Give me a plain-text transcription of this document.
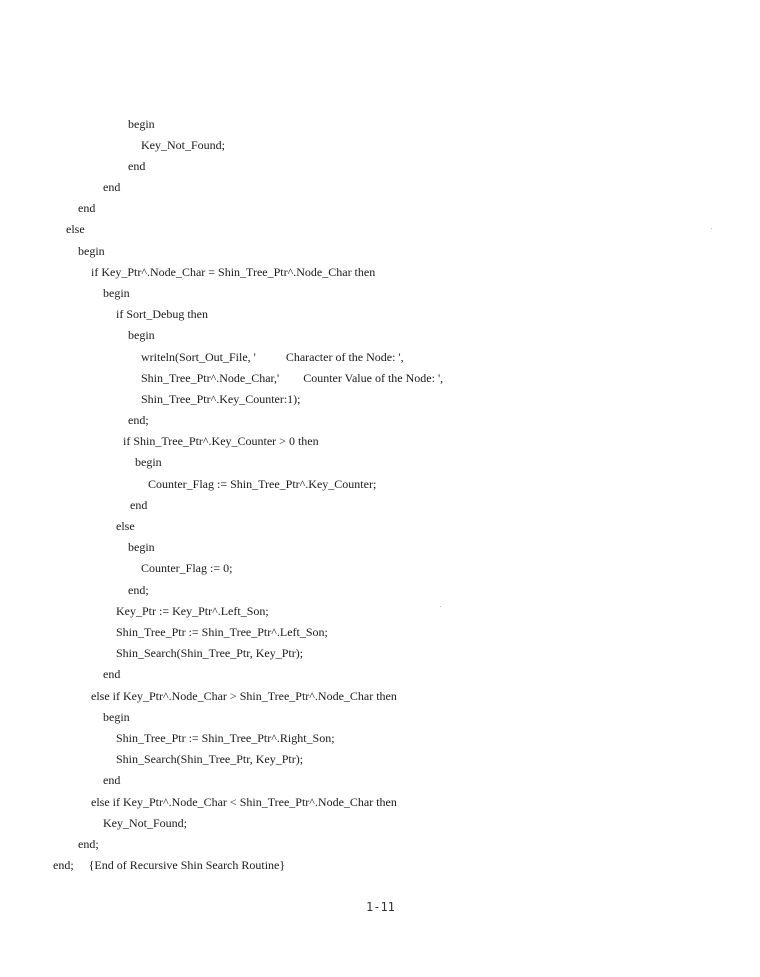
begin
Key_Not_Found;
end
end
end
else
begin
if Key_Ptr^.Node_Char = Shin_Tree_Ptr^.Node_Char then
begin
if Sort_Debug then
begin
writeln(Sort_Out_File, '          Character of the Node: ',
Shin_Tree_Ptr^.Node_Char,'        Counter Value of the Node: ',
Shin_Tree_Ptr^.Key_Counter:1);
end;
if Shin_Tree_Ptr^.Key_Counter > 0 then
begin
Counter_Flag := Shin_Tree_Ptr^.Key_Counter;
end
else
begin
Counter_Flag := 0;
end;
Key_Ptr := Key_Ptr^.Left_Son;
Shin_Tree_Ptr := Shin_Tree_Ptr^.Left_Son;
Shin_Search(Shin_Tree_Ptr, Key_Ptr);
end
else if Key_Ptr^.Node_Char > Shin_Tree_Ptr^.Node_Char then
begin
Shin_Tree_Ptr := Shin_Tree_Ptr^.Right_Son;
Shin_Search(Shin_Tree_Ptr, Key_Ptr);
end
else if Key_Ptr^.Node_Char < Shin_Tree_Ptr^.Node_Char then
Key_Not_Found;
end;
end;     {End of Recursive Shin Search Routine}
1-11
